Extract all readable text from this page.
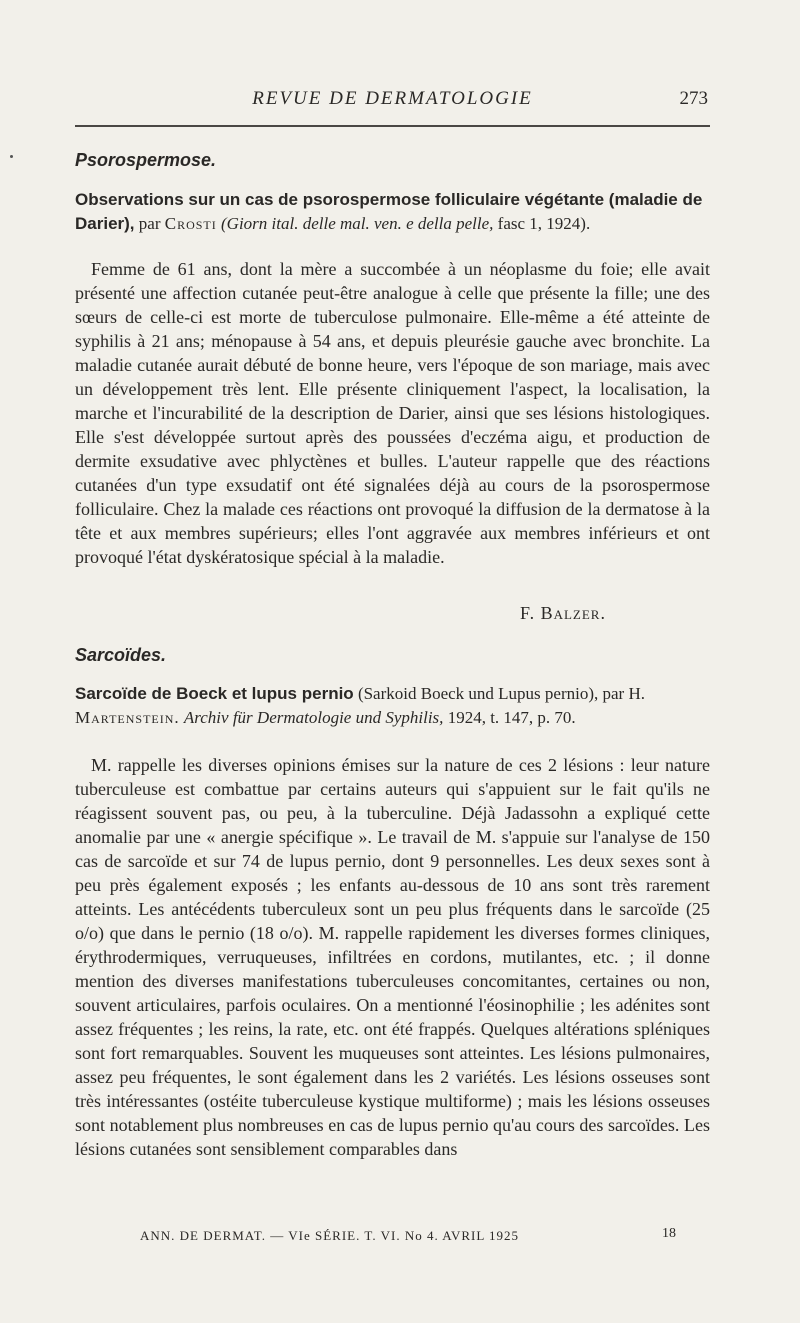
REVUE DE DERMATOLOGIE	273
Psorospermose.
Observations sur un cas de psorospermose folliculaire végétante (maladie de Darier), par Crosti (Giorn ital. delle mal. ven. e della pelle, fasc 1, 1924).

Femme de 61 ans, dont la mère a succombée à un néoplasme du foie; elle avait présenté une affection cutanée peut-être analogue à celle que présente la fille; une des sœurs de celle-ci est morte de tuberculose pulmonaire. Elle-même a été atteinte de syphilis à 21 ans; ménopause à 54 ans, et depuis pleurésie gauche avec bronchite. La maladie cutanée aurait débuté de bonne heure, vers l'époque de son mariage, mais avec un développement très lent. Elle présente cliniquement l'aspect, la localisation, la marche et l'incurabilité de la description de Darier, ainsi que ses lésions histologiques. Elle s'est développée surtout après des poussées d'eczéma aigu, et production de dermite exsudative avec phlyctènes et bulles. L'auteur rappelle que des réactions cutanées d'un type exsudatif ont été signalées déjà au cours de la psorospermose folliculaire. Chez la malade ces réactions ont provoqué la diffusion de la dermatose à la tête et aux membres supérieurs; elles l'ont aggravée aux membres inférieurs et ont provoqué l'état dyskératosique spécial à la maladie.

F. Balzer.
Sarcoïdes.
Sarcoïde de Boeck et lupus pernio (Sarkoid Boeck und Lupus pernio), par H. Martenstein. Archiv für Dermatologie und Syphilis, 1924, t. 147, p. 70.

M. rappelle les diverses opinions émises sur la nature de ces 2 lésions : leur nature tuberculeuse est combattue par certains auteurs qui s'appuient sur le fait qu'ils ne réagissent souvent pas, ou peu, à la tuberculine. Déjà Jadassohn a expliqué cette anomalie par une « anergie spécifique ». Le travail de M. s'appuie sur l'analyse de 150 cas de sarcoïde et sur 74 de lupus pernio, dont 9 personnelles. Les deux sexes sont à peu près également exposés ; les enfants au-dessous de 10 ans sont très rarement atteints. Les antécédents tuberculeux sont un peu plus fréquents dans le sarcoïde (25 o/o) que dans le pernio (18 o/o). M. rappelle rapidement les diverses formes cliniques, érythrodermiques, verruqueuses, infiltrées en cordons, mutilantes, etc. ; il donne mention des diverses manifestations tuberculeuses concomitantes, certaines ou non, souvent articulaires, parfois oculaires. On a mentionné l'éosinophilie ; les adénites sont assez fréquentes ; les reins, la rate, etc. ont été frappés. Quelques altérations spléniques sont fort remarquables. Souvent les muqueuses sont atteintes. Les lésions pulmonaires, assez peu fréquentes, le sont également dans les 2 variétés. Les lésions osseuses sont très intéressantes (ostéite tuberculeuse kystique multiforme) ; mais les lésions osseuses sont notablement plus nombreuses en cas de lupus pernio qu'au cours des sarcoïdes. Les lésions cutanées sont sensiblement comparables dans

ANN. DE DERMAT. — VIe SÉRIE. T. VI. No 4. AVRIL 1925	18
